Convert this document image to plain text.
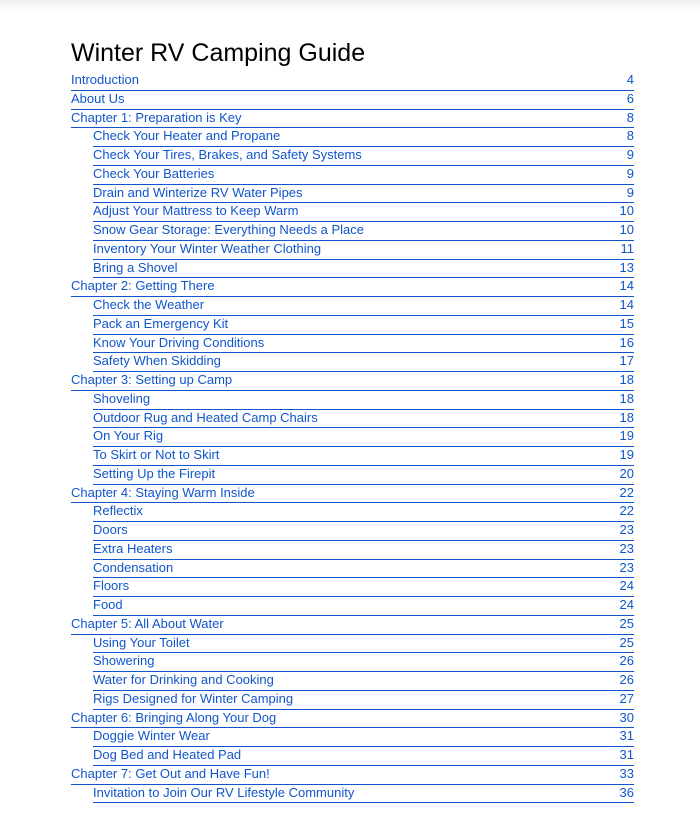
Winter RV Camping Guide
Introduction	4
About Us	6
Chapter 1: Preparation is Key	8
Check Your Heater and Propane	8
Check Your Tires, Brakes, and Safety Systems	9
Check Your Batteries	9
Drain and Winterize RV Water Pipes	9
Adjust Your Mattress to Keep Warm	10
Snow Gear Storage: Everything Needs a Place	10
Inventory Your Winter Weather Clothing	11
Bring a Shovel	13
Chapter 2: Getting There	14
Check the Weather	14
Pack an Emergency Kit	15
Know Your Driving Conditions	16
Safety When Skidding	17
Chapter 3: Setting up Camp	18
Shoveling	18
Outdoor Rug and Heated Camp Chairs	18
On Your Rig	19
To Skirt or Not to Skirt	19
Setting Up the Firepit	20
Chapter 4: Staying Warm Inside	22
Reflectix	22
Doors	23
Extra Heaters	23
Condensation	23
Floors	24
Food	24
Chapter 5: All About Water	25
Using Your Toilet	25
Showering	26
Water for Drinking and Cooking	26
Rigs Designed for Winter Camping	27
Chapter 6: Bringing Along Your Dog	30
Doggie Winter Wear	31
Dog Bed and Heated Pad	31
Chapter 7: Get Out and Have Fun!	33
Invitation to Join Our RV Lifestyle Community	36
